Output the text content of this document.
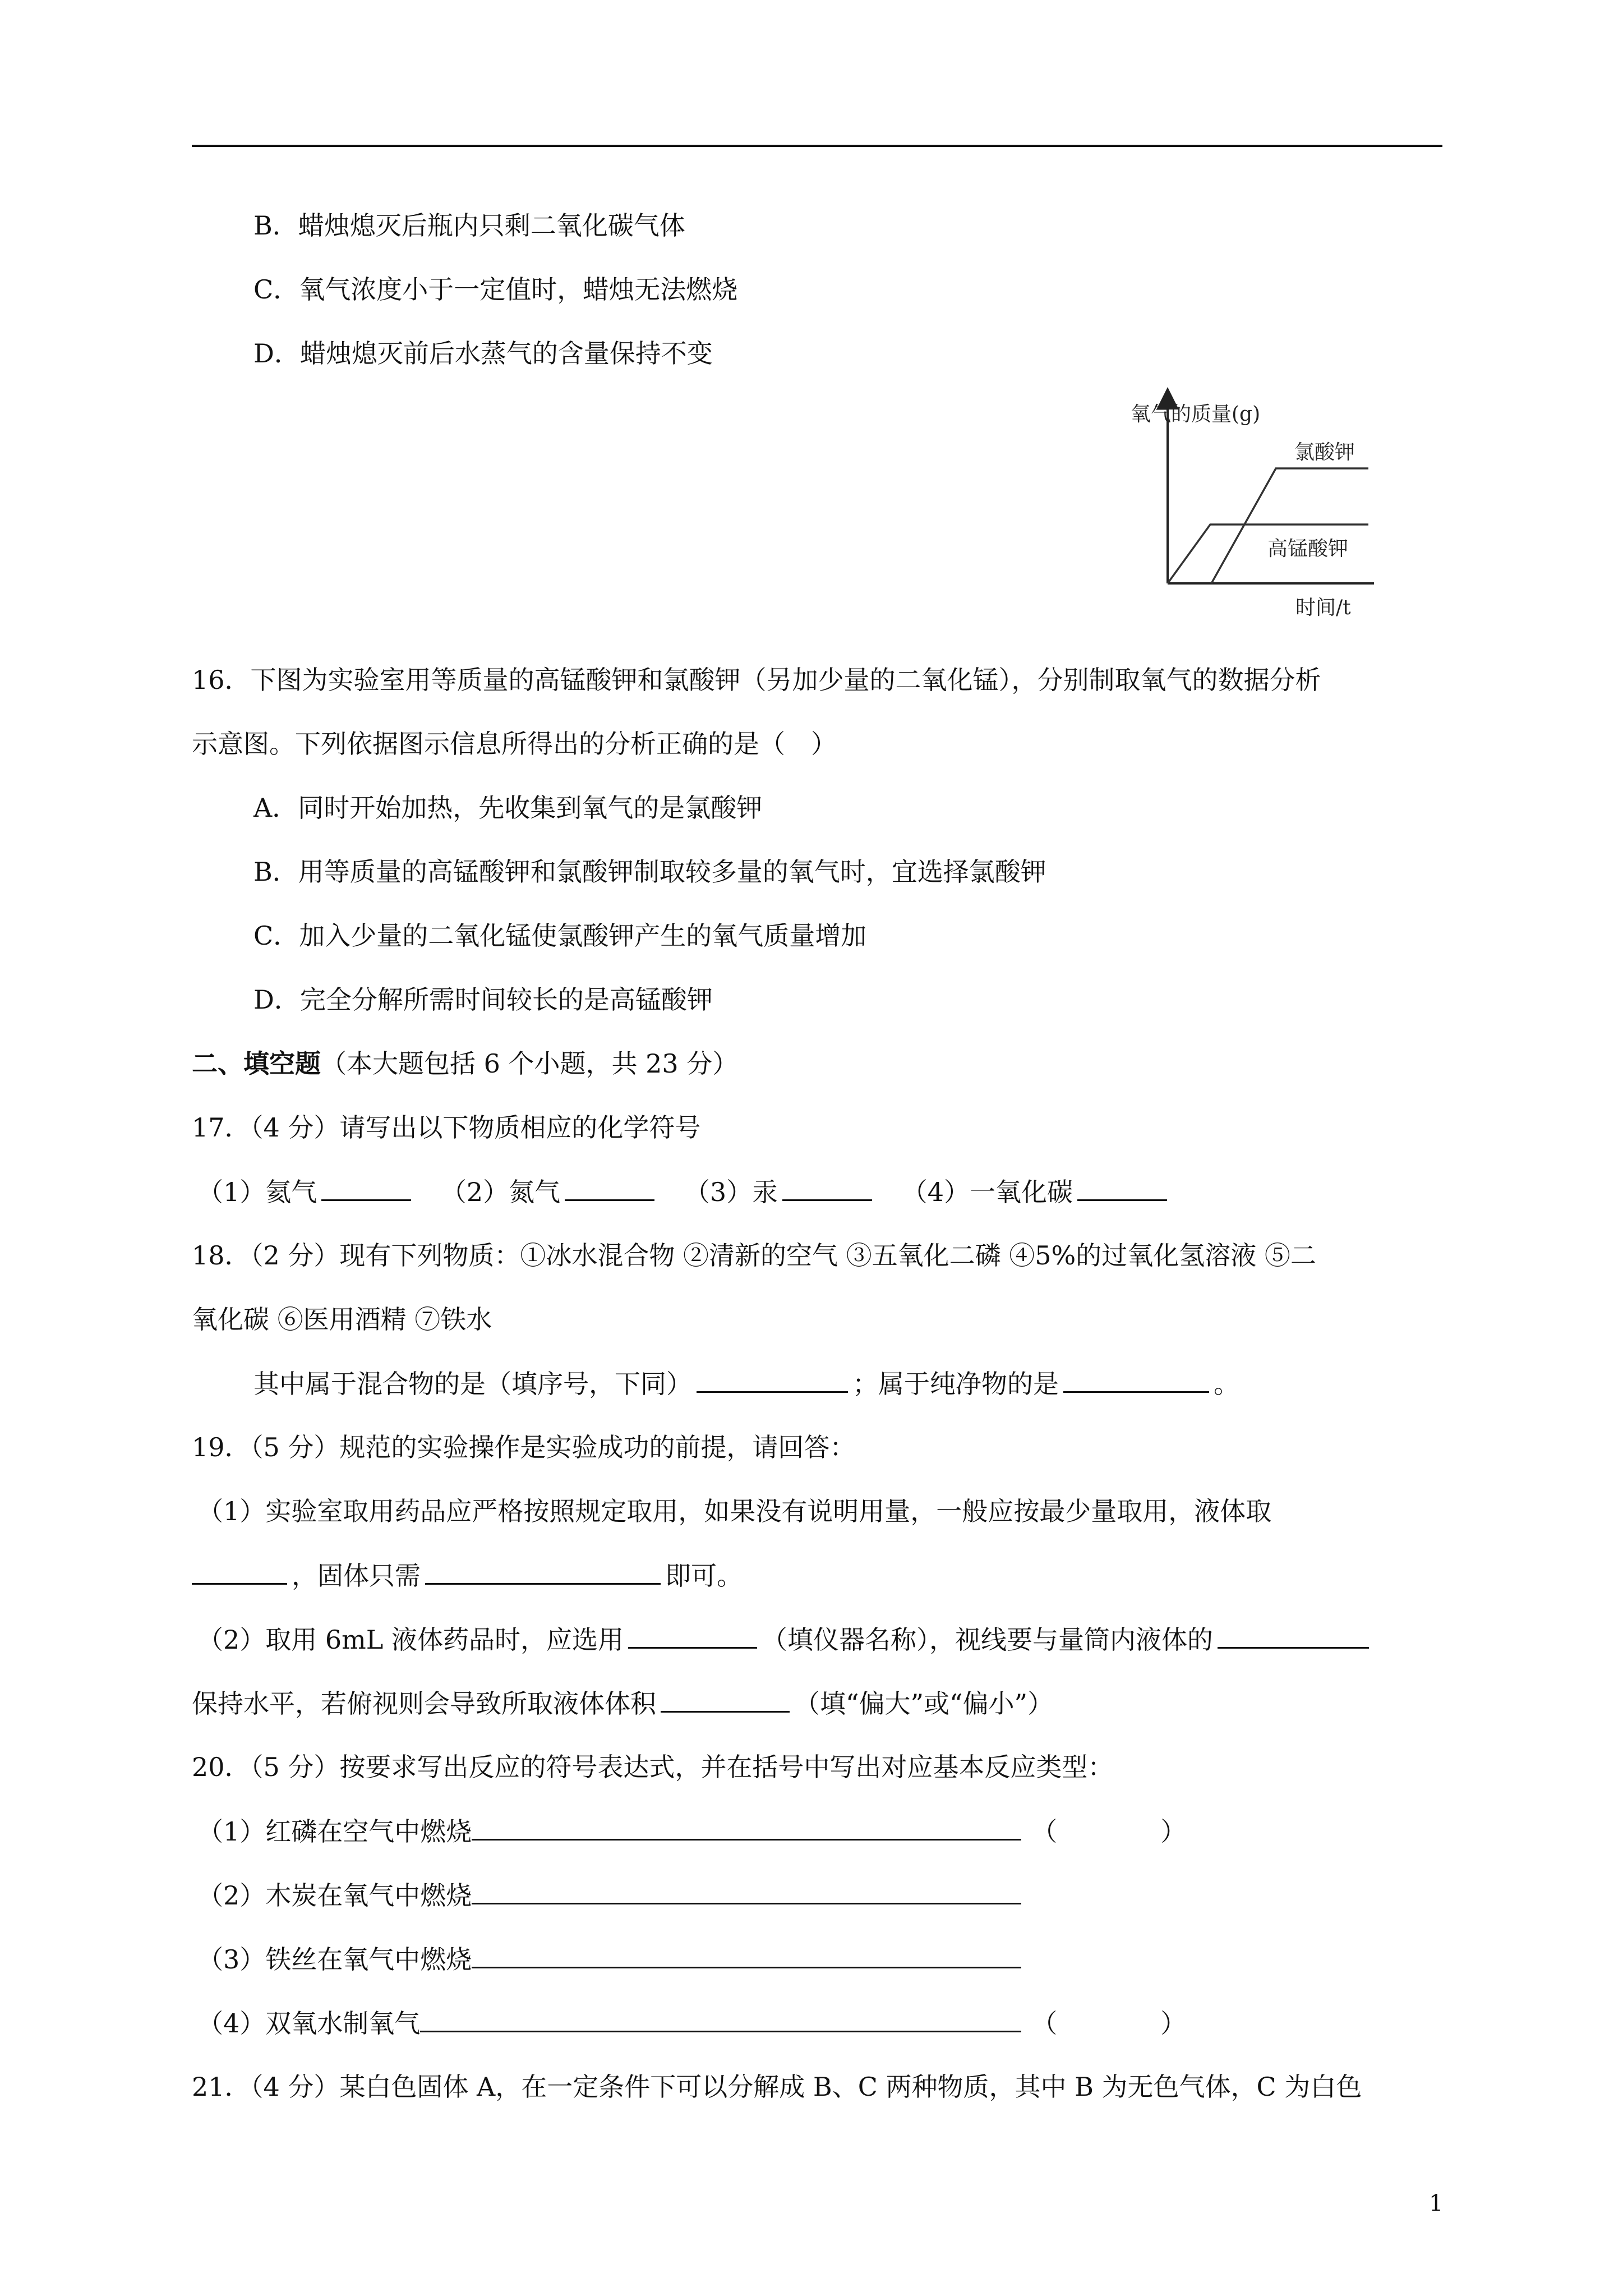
B．蜡烛熄灭后瓶内只剩二氧化碳气体
C．氧气浓度小于一定值时，蜡烛无法燃烧
D．蜡烛熄灭前后水蒸气的含量保持不变
氧气的质量(g)
时间/t
氯酸钾
高锰酸钾
16．下图为实验室用等质量的高锰酸钾和氯酸钾（另加少量的二氧化锰），分别制取氧气的数据分析
示意图。下列依据图示信息所得出的分析正确的是（　）
A．同时开始加热，先收集到氧气的是氯酸钾
B．用等质量的高锰酸钾和氯酸钾制取较多量的氧气时，宜选择氯酸钾
C．加入少量的二氧化锰使氯酸钾产生的氧气质量增加
D．完全分解所需时间较长的是高锰酸钾
二、填空题（本大题包括 6 个小题，共 23 分）
17．（4 分）请写出以下物质相应的化学符号
（1）氦气	（2）氮气	（3）汞	（4）一氧化碳
18．（2 分）现有下列物质：①冰水混合物 ②清新的空气 ③五氧化二磷 ④5%的过氧化氢溶液 ⑤二
氧化碳 ⑥医用酒精 ⑦铁水
其中属于混合物的是（填序号，下同）	；属于纯净物的是	。
19．（5 分）规范的实验操作是实验成功的前提，请回答：
（1）实验室取用药品应严格按照规定取用，如果没有说明用量，一般应按最少量取用，液体取
，固体只需	即可。
（2）取用 6mL 液体药品时，应选用	（填仪器名称），视线要与量筒内液体的
保持水平，若俯视则会导致所取液体体积	（填“偏大”或“偏小”）
20．（5 分）按要求写出反应的符号表达式，并在括号中写出对应基本反应类型：
（1）红磷在空气中燃烧	（　　　　）
（2）木炭在氧气中燃烧
（3）铁丝在氧气中燃烧
（4）双氧水制氧气	（　　　　）
21．（4 分）某白色固体 A，在一定条件下可以分解成 B、C 两种物质，其中 B 为无色气体，C 为白色
1
